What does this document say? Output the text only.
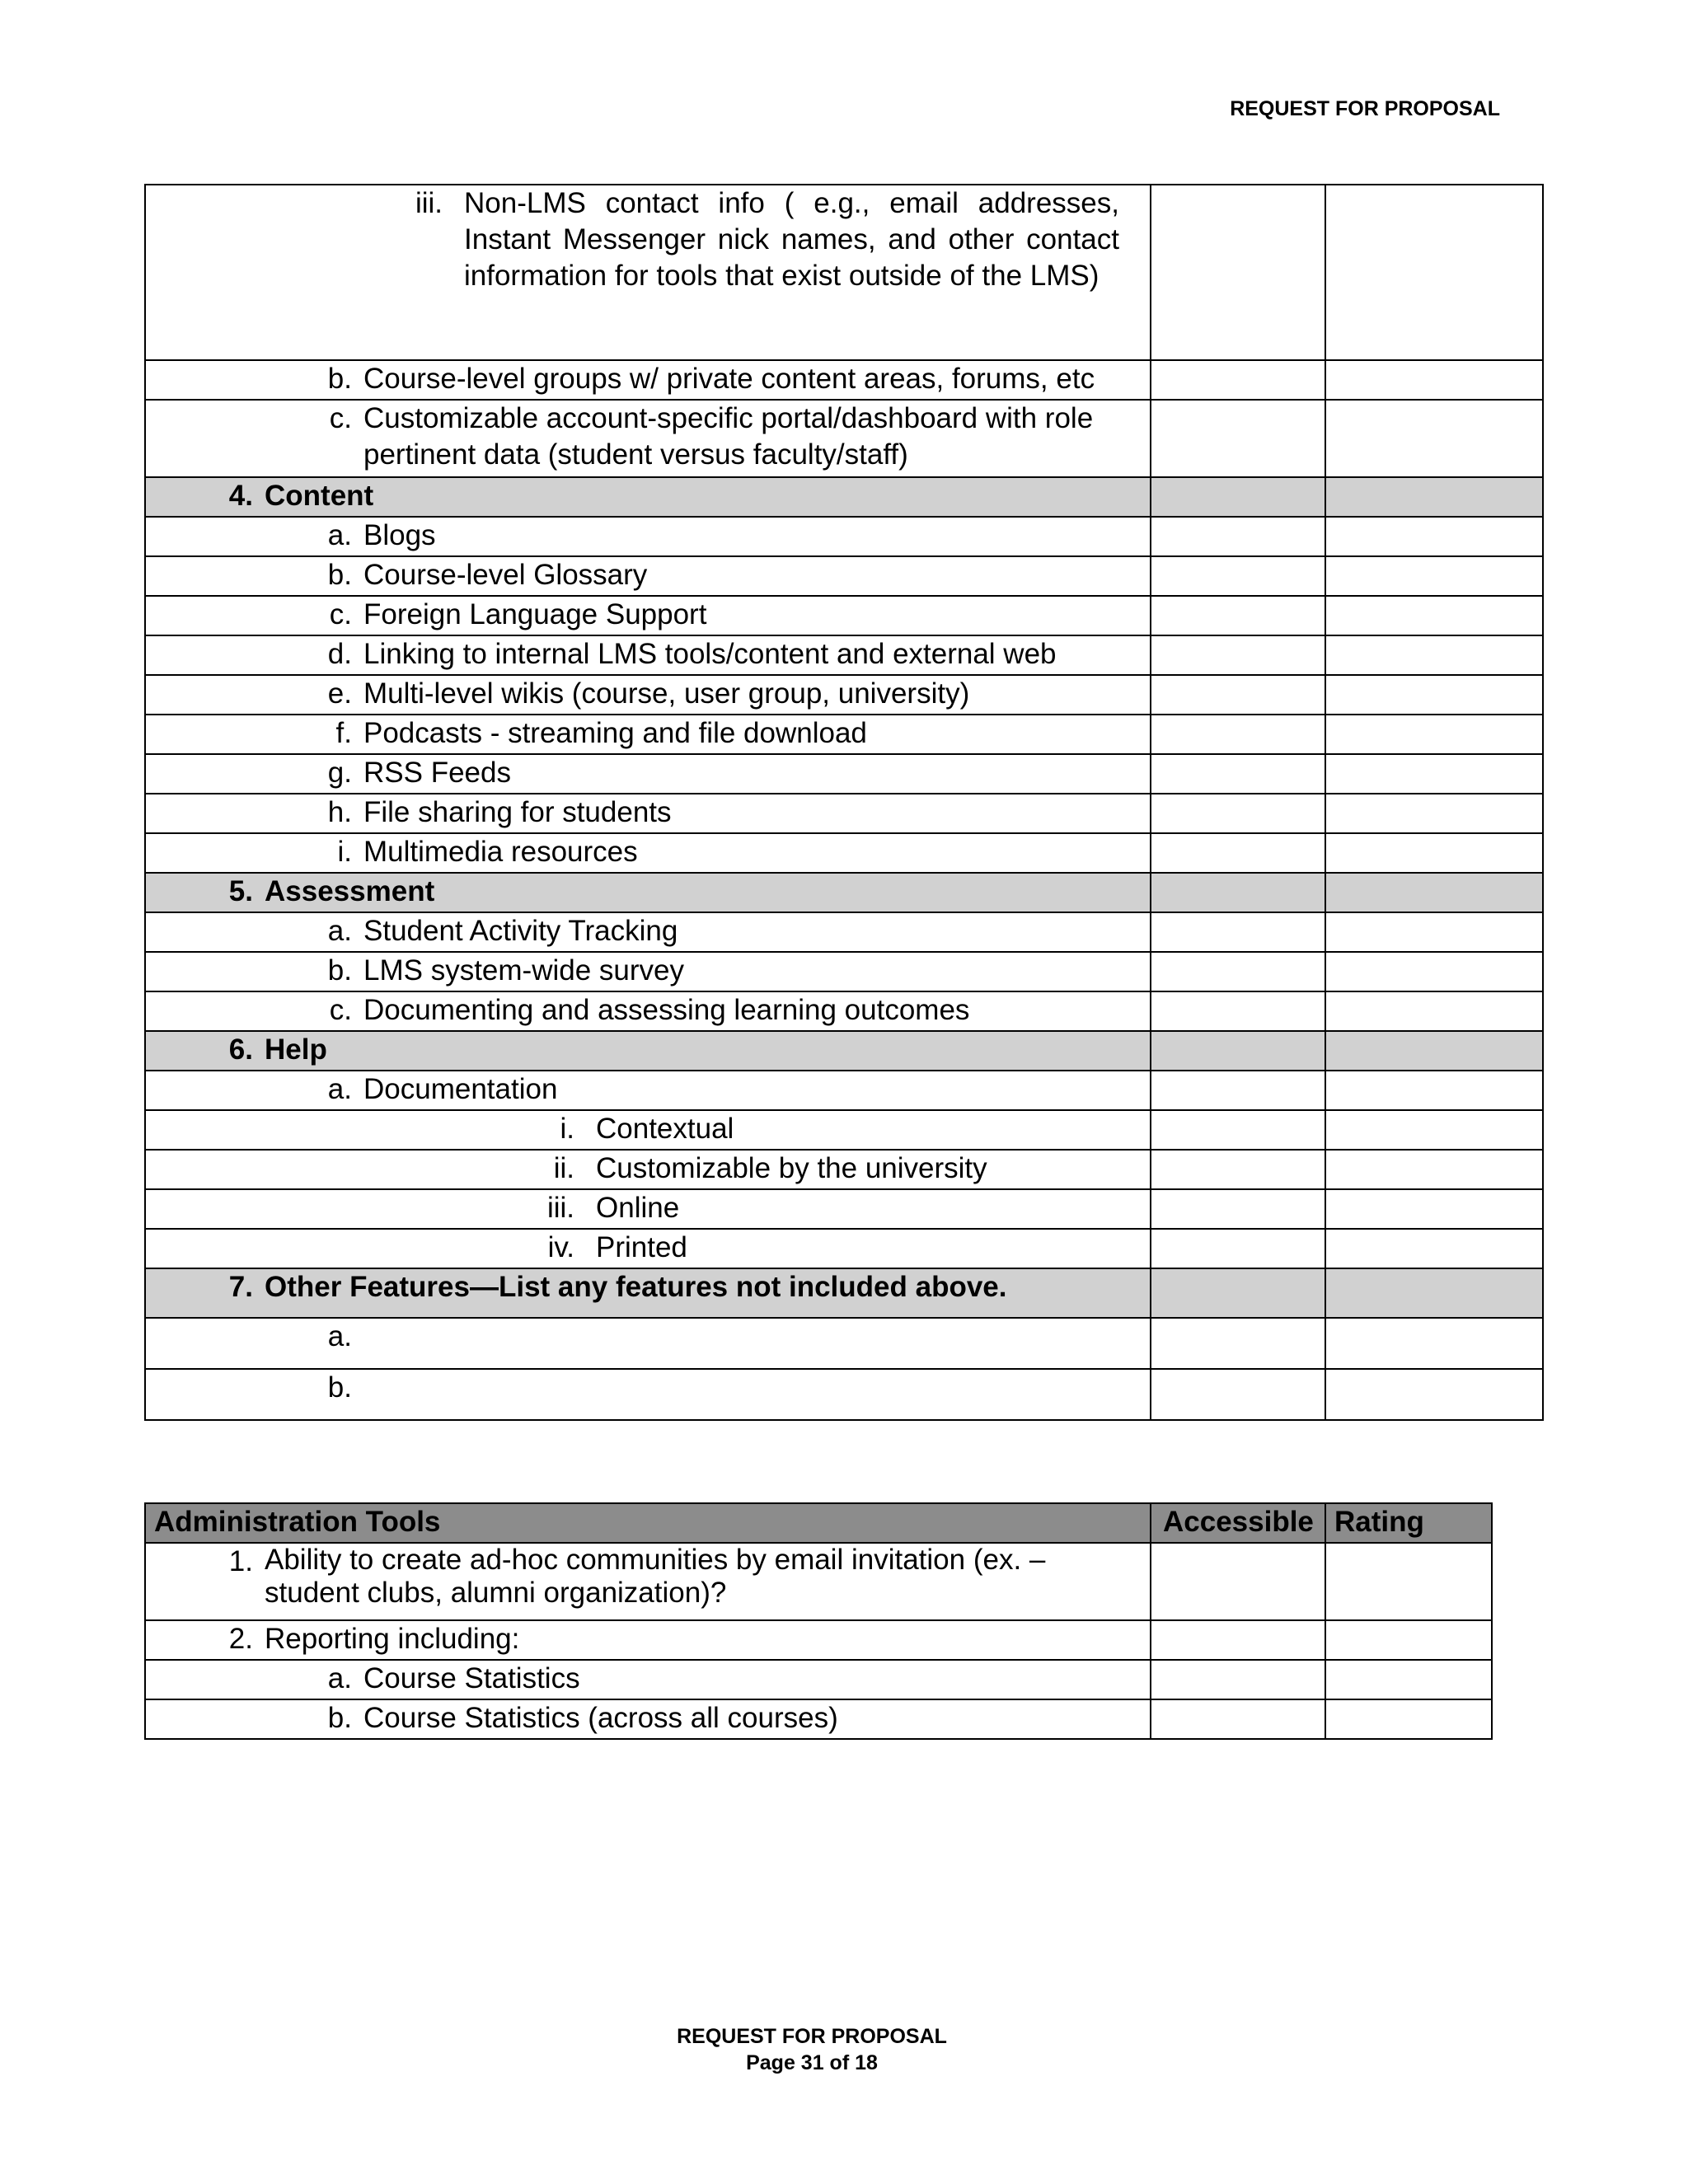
REQUEST FOR PROPOSAL
iii. Non-LMS contact info ( e.g., email addresses, Instant Messenger nick names, and other contact information for tools that exist outside of the LMS)		
b. Course-level groups w/ private content areas, forums, etc		
c. Customizable account-specific portal/dashboard with role pertinent data (student versus faculty/staff)		
4. Content		
a. Blogs		
b. Course-level Glossary		
c. Foreign Language Support		
d. Linking to internal LMS tools/content and external web		
e. Multi-level wikis (course, user group, university)		
f. Podcasts - streaming and file download		
g. RSS Feeds		
h. File sharing for students		
i. Multimedia resources		
5. Assessment		
a. Student Activity Tracking		
b. LMS system-wide survey		
c. Documenting and assessing learning outcomes		
6. Help		
a. Documentation		
i. Contextual		
ii. Customizable by the university		
iii. Online		
iv. Printed		
7. Other Features—List any features not included above.		
a.		
b.		
Administration Tools	Accessible	Rating
1. Ability to create ad-hoc communities by email invitation (ex. – student clubs, alumni organization)?		
2. Reporting including:		
a. Course Statistics		
b. Course Statistics (across all courses)		
REQUEST FOR PROPOSAL
Page 31 of 18
